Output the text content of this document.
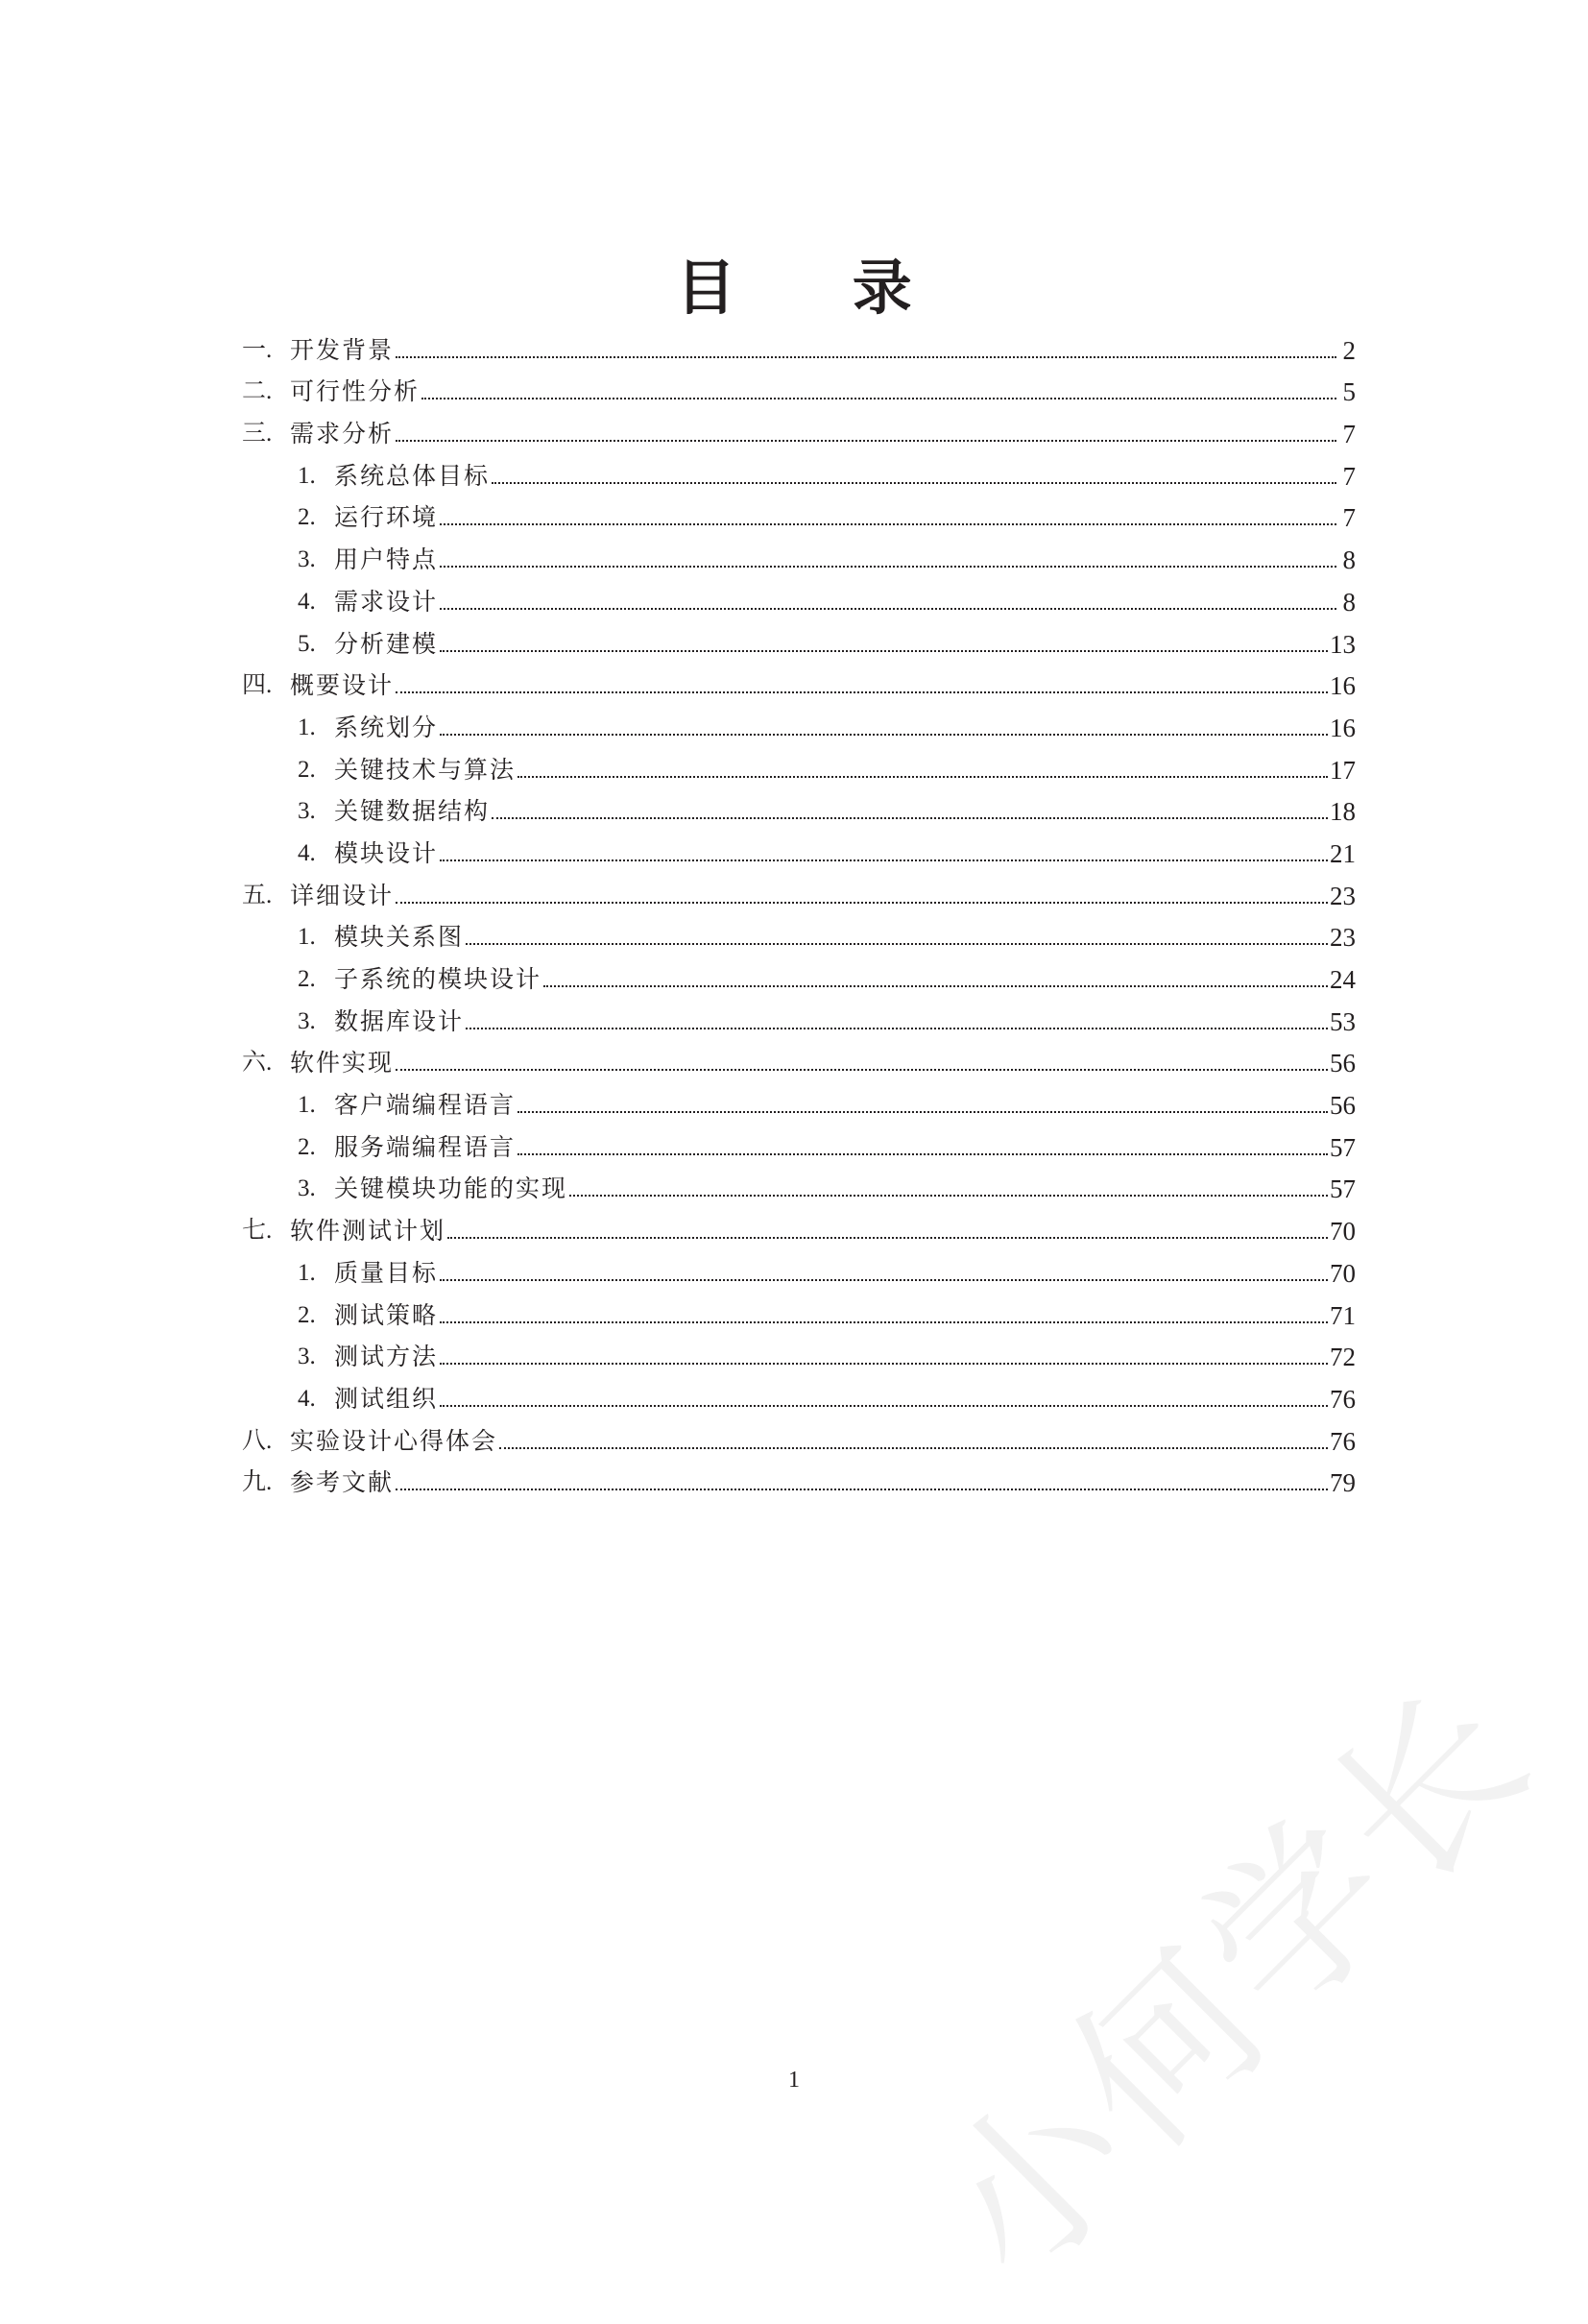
小何学长
目 录
一. 开发背景	2
二. 可行性分析	5
三. 需求分析	7
1. 系统总体目标	7
2. 运行环境	7
3. 用户特点	8
4. 需求设计	8
5. 分析建模	13
四. 概要设计	16
1. 系统划分	16
2. 关键技术与算法	17
3. 关键数据结构	18
4. 模块设计	21
五. 详细设计	23
1. 模块关系图	23
2. 子系统的模块设计	24
3. 数据库设计	53
六. 软件实现	56
1. 客户端编程语言	56
2. 服务端编程语言	57
3. 关键模块功能的实现	57
七. 软件测试计划	70
1. 质量目标	70
2. 测试策略	71
3. 测试方法	72
4. 测试组织	76
八. 实验设计心得体会	76
九. 参考文献	79
1
